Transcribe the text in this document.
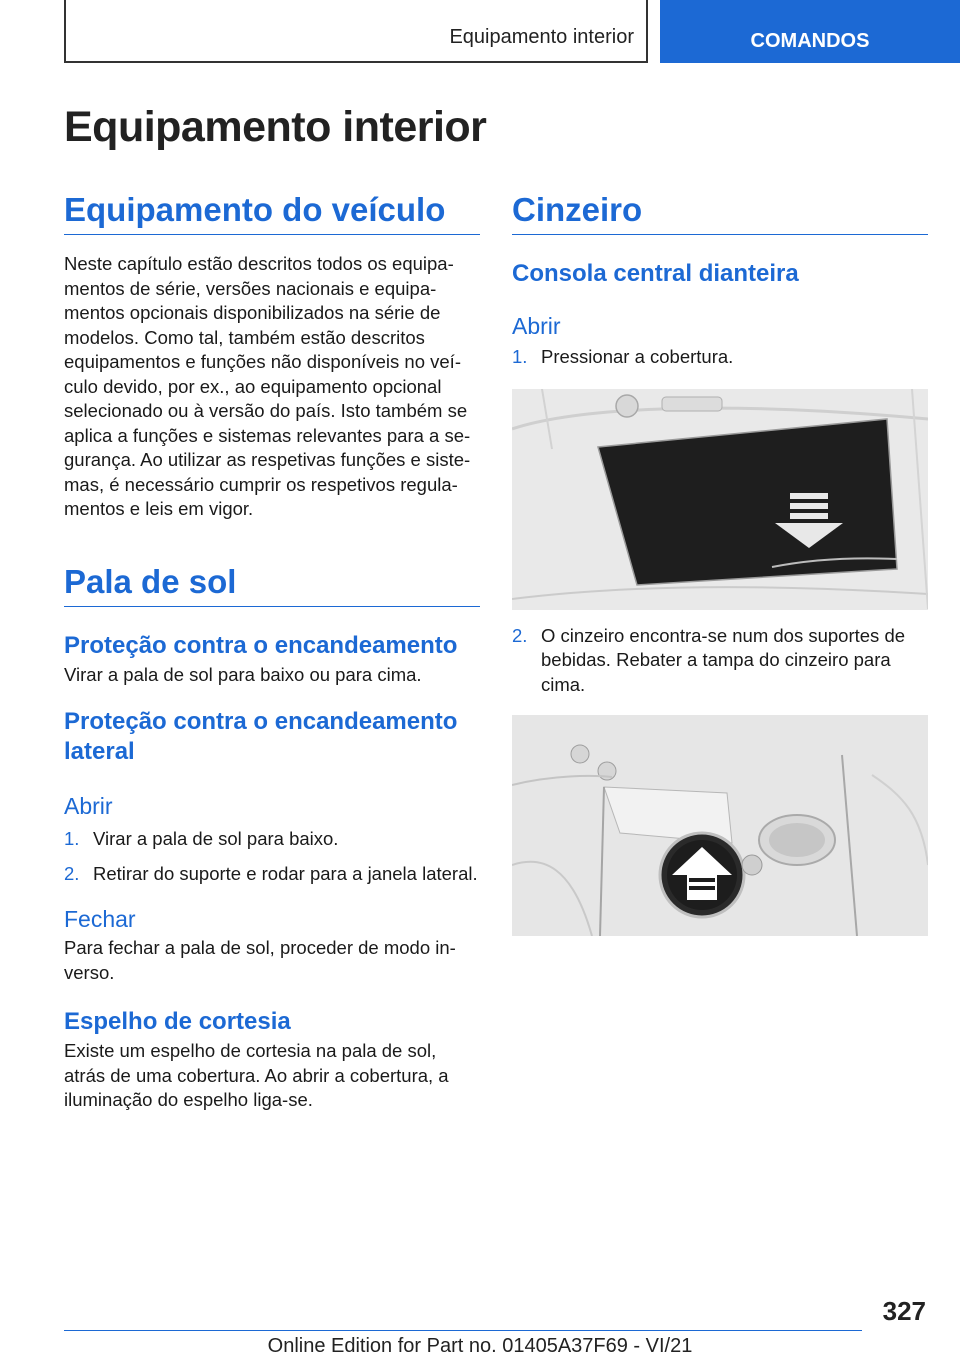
Equipamento interior	COMANDOS
Equipamento interior
Equipamento do veículo

Neste capítulo estão descritos todos os equipamentos de série, versões nacionais e equipamentos opcionais disponibilizados na série de modelos. Como tal, também estão descritos equipamentos e funções não disponíveis no veículo devido, por ex., ao equipamento opcional selecionado ou à versão do país. Isto também se aplica a funções e sistemas relevantes para a segurança. Ao utilizar as respetivas funções e sistemas, é necessário cumprir os respetivos regulamentos e leis em vigor.

Pala de sol
Proteção contra o encandeamento

Virar a pala de sol para baixo ou para cima.

Proteção contra o encandeamento lateral
Abrir
1. Virar a pala de sol para baixo.
2. Retirar do suporte e rodar para a janela lateral.
Fechar

Para fechar a pala de sol, proceder de modo inverso.

Espelho de cortesia

Existe um espelho de cortesia na pala de sol, atrás de uma cobertura. Ao abrir a cobertura, a iluminação do espelho liga-se.

Cinzeiro
Consola central dianteira
Abrir
1. Pressionar a cobertura.
2. O cinzeiro encontra-se num dos suportes de bebidas. Rebater a tampa do cinzeiro para cima.
327
Online Edition for Part no. 01405A37F69 - VI/21
